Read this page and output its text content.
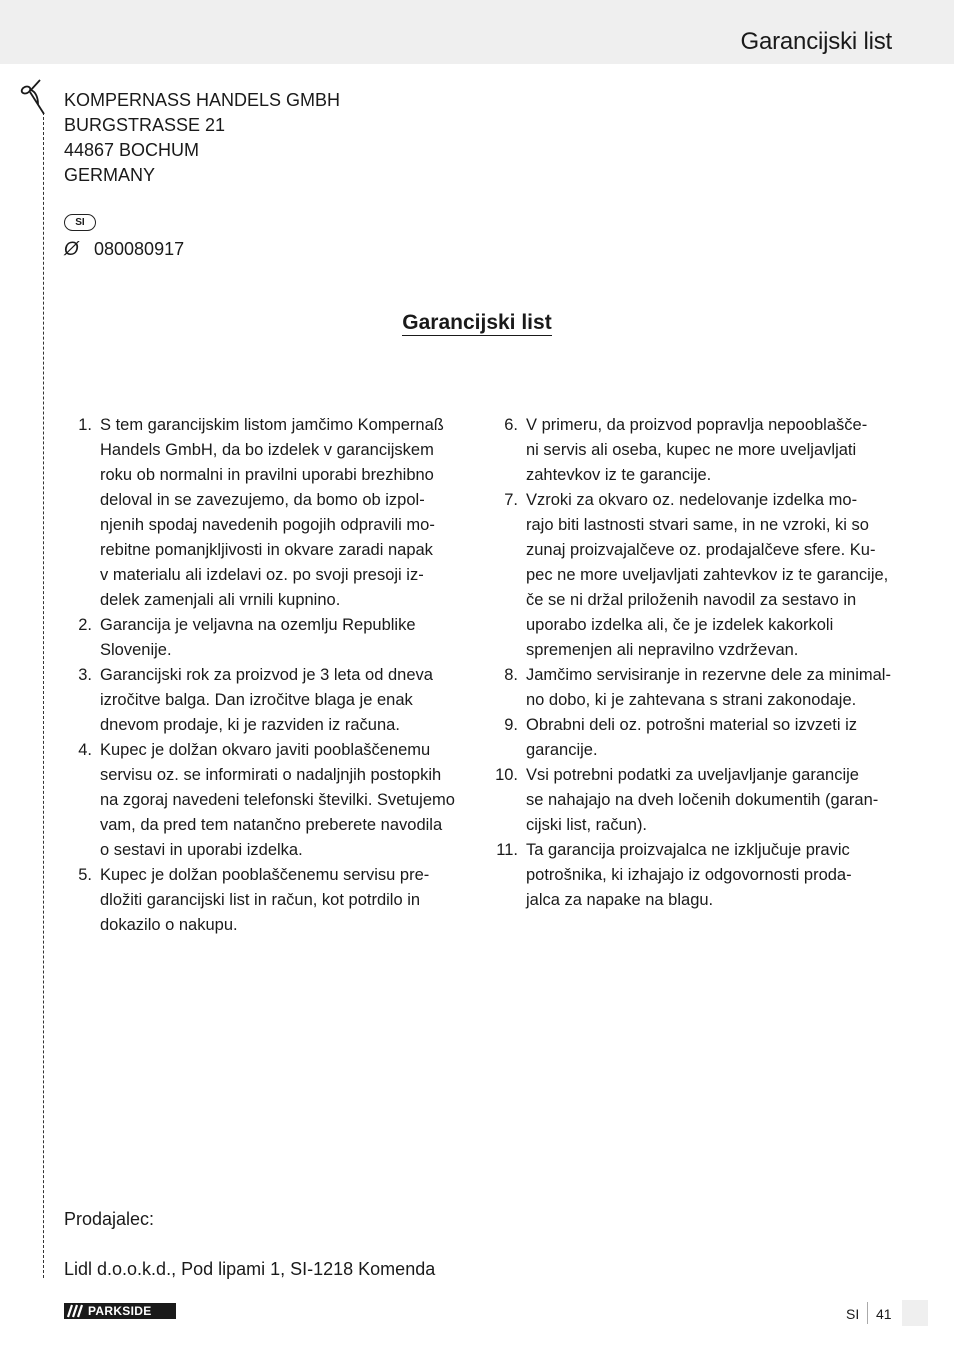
Garancijski list
KOMPERNASS HANDELS GMBH
BURGSTRASSE 21
44867 BOCHUM
GERMANY
SI
Ø 080080917
Garancijski list
1. S tem garancijskim listom jamčimo Kompernaß
Handels GmbH, da bo izdelek v garancijskem
roku ob normalni in pravilni uporabi brezhibno
deloval in se zavezujemo, da bomo ob izpol-
njenih spodaj navedenih pogojih odpravili mo-
rebitne pomanjkljivosti in okvare zaradi napak
v materialu ali izdelavi oz. po svoji presoji iz-
delek zamenjali ali vrnili kupnino.
2. Garancija je veljavna na ozemlju Republike
Slovenije.
3. Garancijski rok za proizvod je 3 leta od dneva
izročitve balga. Dan izročitve blaga je enak
dnevom prodaje, ki je razviden iz računa.
4. Kupec je dolžan okvaro javiti pooblaščenemu
servisu oz. se informirati o nadaljnjih postopkih
na zgoraj navedeni telefonski številki. Svetujemo
vam, da pred tem natančno preberete navodila
o sestavi in uporabi izdelka.
5. Kupec je dolžan pooblaščenemu servisu pre-
dložiti garancijski list in račun, kot potrdilo in
dokazilo o nakupu.
6. V primeru, da proizvod popravlja nepooblašče-
ni servis ali oseba, kupec ne more uveljavljati
zahtevkov iz te garancije.
7. Vzroki za okvaro oz. nedelovanje izdelka mo-
rajo biti lastnosti stvari same, in ne vzroki, ki so
zunaj proizvajalčeve oz. prodajalčeve sfere. Ku-
pec ne more uveljavljati zahtevkov iz te garancije,
če se ni držal priloženih navodil za sestavo in
uporabo izdelka ali, če je izdelek kakorkoli
spremenjen ali nepravilno vzdrževan.
8. Jamčimo servisiranje in rezervne dele za minimal-
no dobo, ki je zahtevana s strani zakonodaje.
9. Obrabni deli oz. potrošni material so izvzeti iz
garancije.
10. Vsi potrebni podatki za uveljavljanje garancije
se nahajajo na dveh ločenih dokumentih (garan-
cijski list, račun).
11. Ta garancija proizvajalca ne izključuje pravic
potrošnika, ki izhajajo iz odgovornosti proda-
jalca za napake na blagu.
Prodajalec:
Lidl d.o.o.k.d., Pod lipami 1, SI-1218 Komenda
PARKSIDE	SI 41
